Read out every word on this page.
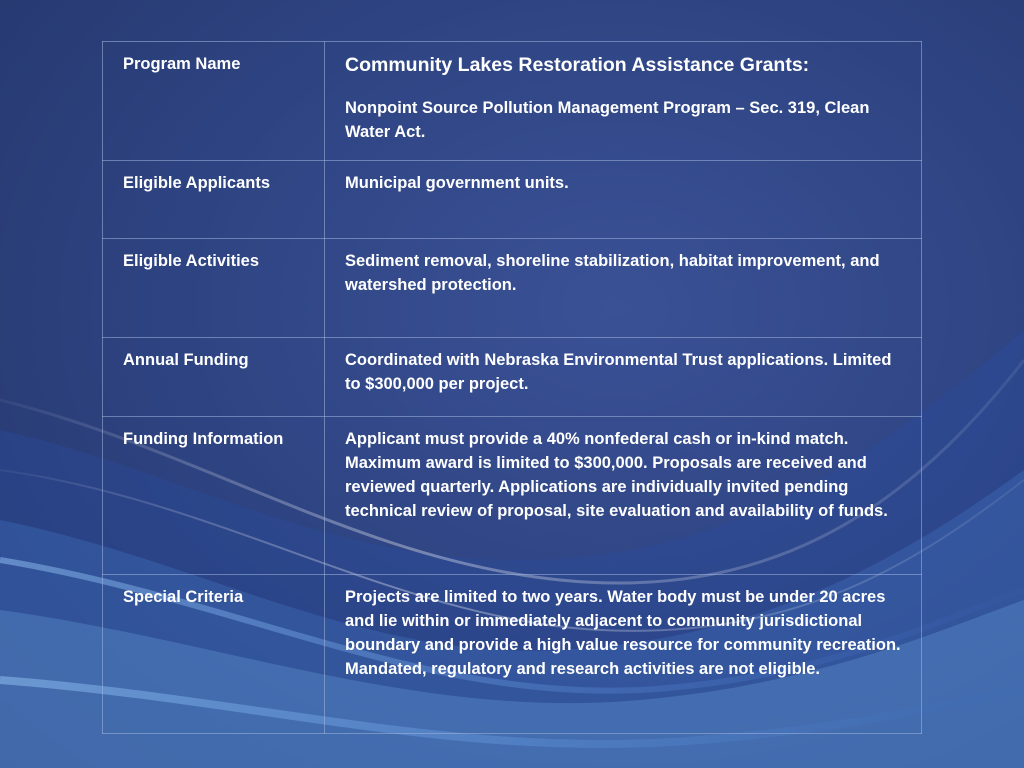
Program Name	Community Lakes Restoration Assistance Grants:
Nonpoint Source Pollution Management Program – Sec. 319, Clean Water Act.

Eligible Applicants	Municipal government units.
Eligible Activities	Sediment removal, shoreline stabilization, habitat improvement, and watershed protection.
Annual Funding	Coordinated with Nebraska Environmental Trust applications. Limited to $300,000 per project.
Funding Information	Applicant must provide a 40% nonfederal cash or in-kind match. Maximum award is limited to $300,000. Proposals are received and reviewed quarterly. Applications are individually invited pending technical review of proposal, site evaluation and availability of funds.
Special Criteria	Projects are limited to two years. Water body must be under 20 acres and lie within or immediately adjacent to community jurisdictional boundary and provide a high value resource for community recreation. Mandated, regulatory and research activities are not eligible.
